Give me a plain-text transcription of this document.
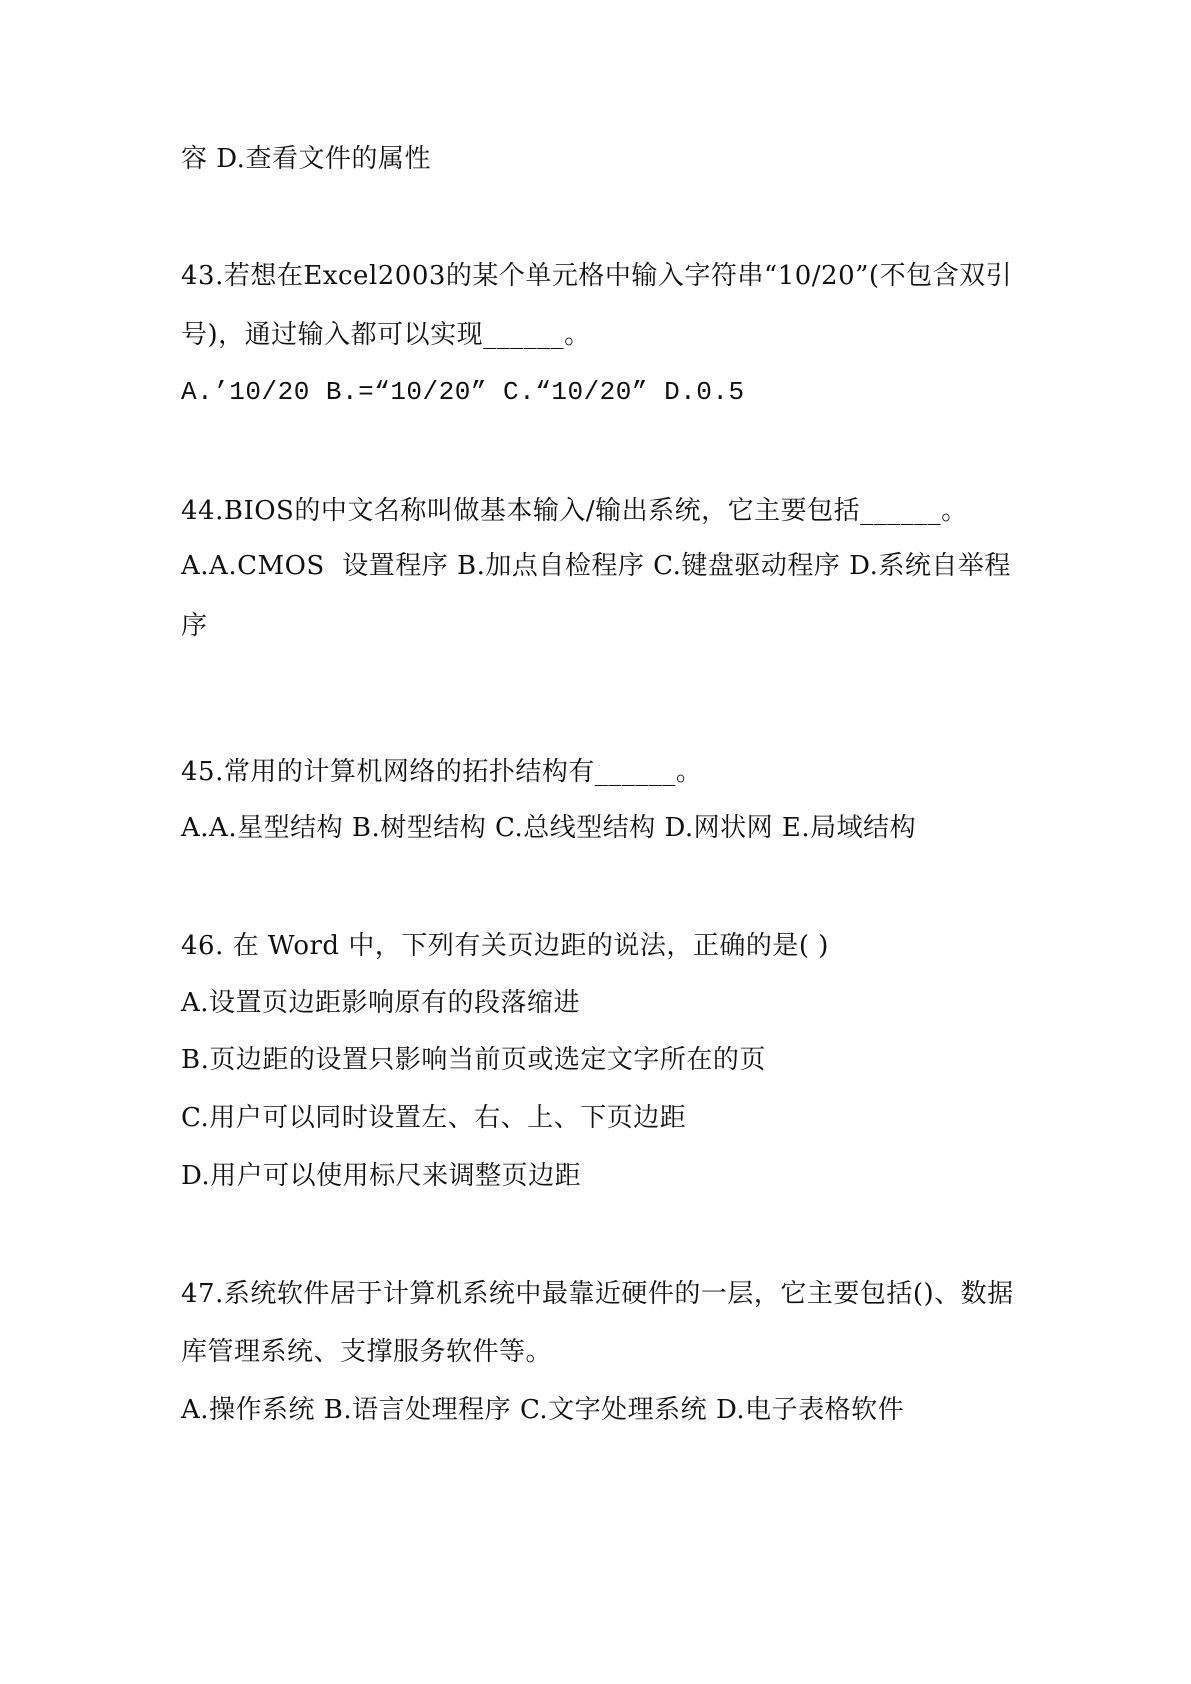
容 D.查看文件的属性
43.若想在Excel2003的某个单元格中输入字符串“10/20”(不包含双引
号)，通过输入都可以实现______。
A.’10/20 B.=“10/20” C.“10/20” D.0.5
44.BIOS的中文名称叫做基本输入/输出系统，它主要包括______。
A.A.CMOS  设置程序 B.加点自检程序 C.键盘驱动程序 D.系统自举程
序
45.常用的计算机网络的拓扑结构有______。
A.A.星型结构 B.树型结构 C.总线型结构 D.网状网 E.局域结构
46. 在 Word 中，下列有关页边距的说法，正确的是( )
A.设置页边距影响原有的段落缩进
B.页边距的设置只影响当前页或选定文字所在的页
C.用户可以同时设置左、右、上、下页边距
D.用户可以使用标尺来调整页边距
47.系统软件居于计算机系统中最靠近硬件的一层，它主要包括()、数据
库管理系统、支撑服务软件等。
A.操作系统 B.语言处理程序 C.文字处理系统 D.电子表格软件
